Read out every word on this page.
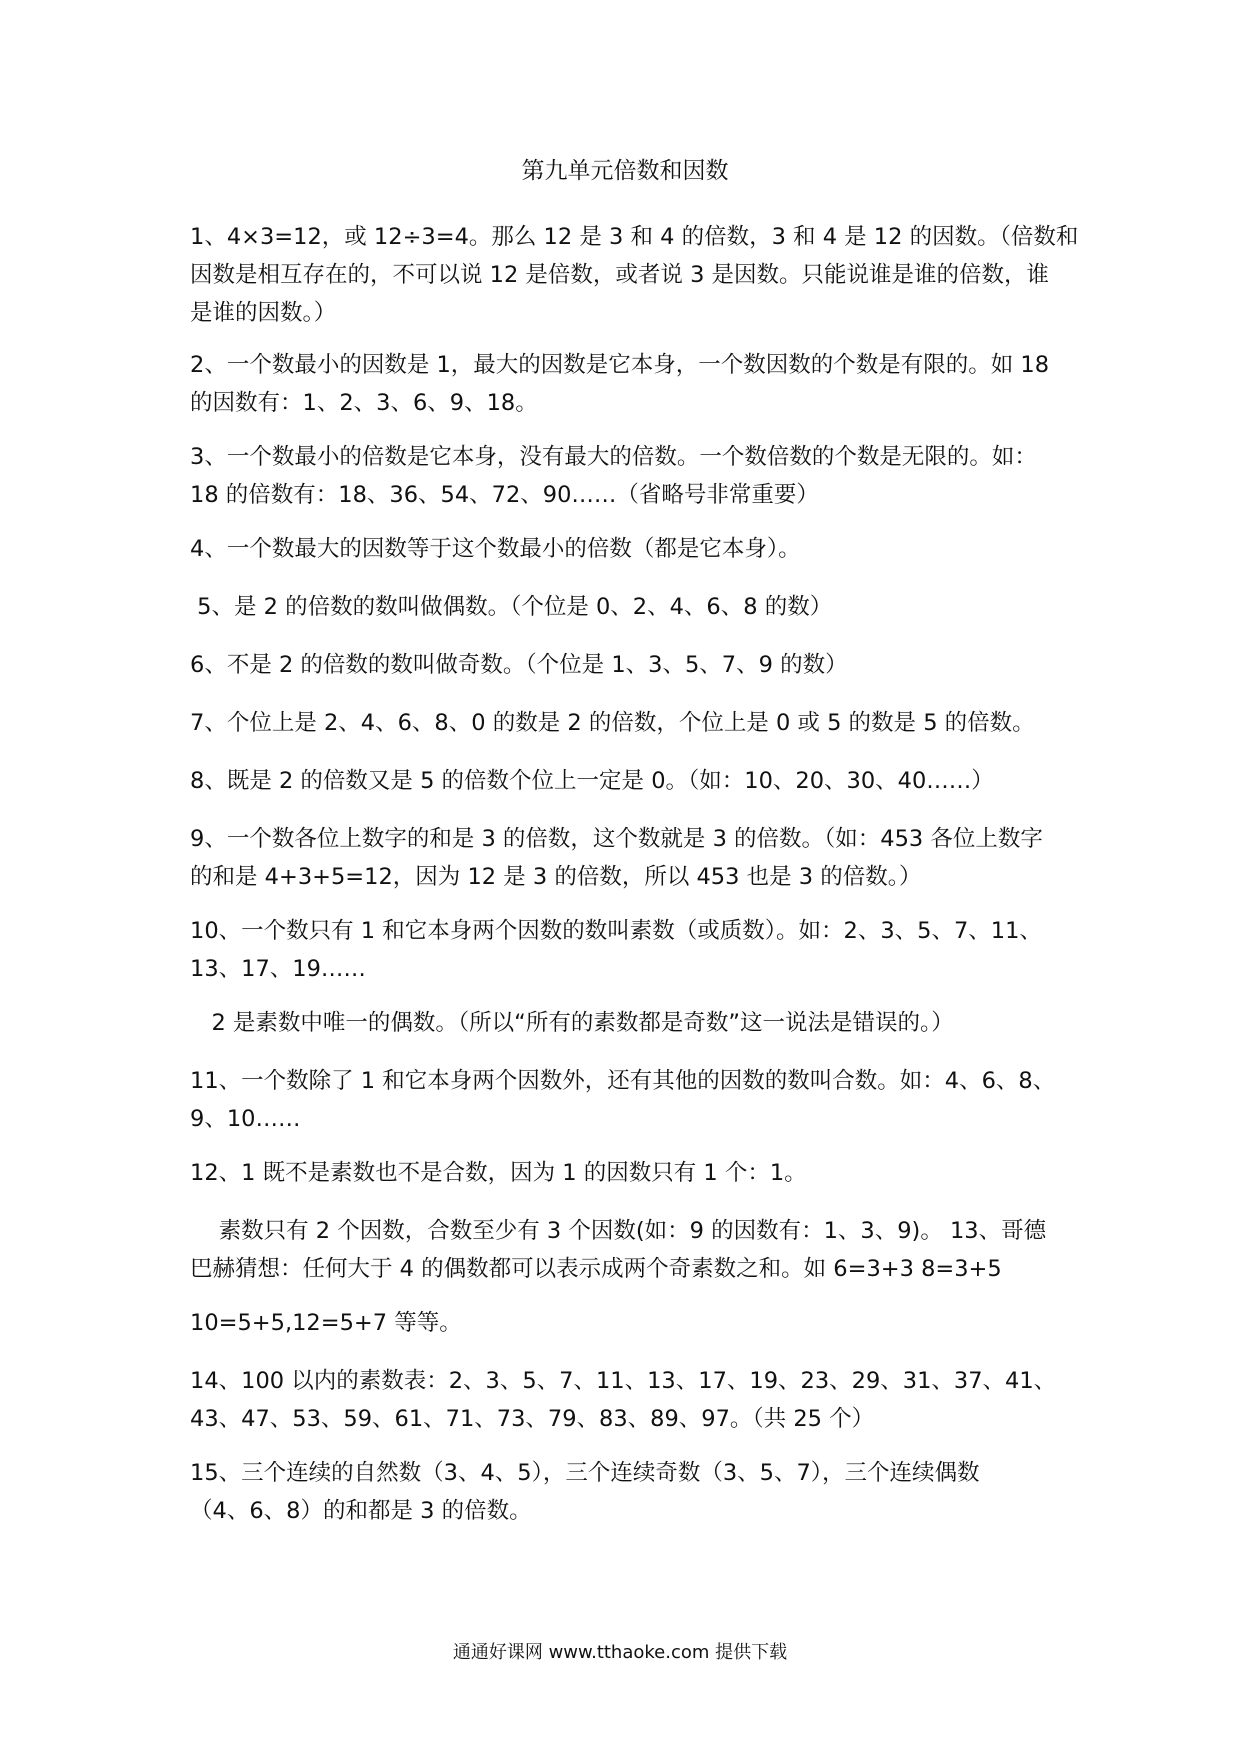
第九单元倍数和因数
1、4×3=12，或 12÷3=4。那么 12 是 3 和 4 的倍数，3 和 4 是 12 的因数。（倍数和
因数是相互存在的，不可以说 12 是倍数，或者说 3 是因数。只能说谁是谁的倍数，谁
是谁的因数。）
2、一个数最小的因数是 1，最大的因数是它本身，一个数因数的个数是有限的。如 18
的因数有：1、2、3、6、9、18。
3、一个数最小的倍数是它本身，没有最大的倍数。一个数倍数的个数是无限的。如：
18 的倍数有：18、36、54、72、90……（省略号非常重要）
4、一个数最大的因数等于这个数最小的倍数（都是它本身）。
5、是 2 的倍数的数叫做偶数。（个位是 0、2、4、6、8 的数）
6、不是 2 的倍数的数叫做奇数。（个位是 1、3、5、7、9 的数）
7、个位上是 2、4、6、8、0 的数是 2 的倍数，个位上是 0 或 5 的数是 5 的倍数。
8、既是 2 的倍数又是 5 的倍数个位上一定是 0。（如：10、20、30、40……）
9、一个数各位上数字的和是 3 的倍数，这个数就是 3 的倍数。（如：453 各位上数字
的和是 4+3+5=12，因为 12 是 3 的倍数，所以 453 也是 3 的倍数。）
10、一个数只有 1 和它本身两个因数的数叫素数（或质数）。如：2、3、5、7、11、
13、17、19……
2 是素数中唯一的偶数。（所以“所有的素数都是奇数”这一说法是错误的。）
11、一个数除了 1 和它本身两个因数外，还有其他的因数的数叫合数。如：4、6、8、
9、10……
12、1 既不是素数也不是合数，因为 1 的因数只有 1 个：1。
素数只有 2 个因数，合数至少有 3 个因数(如：9 的因数有：1、3、9)。 13、哥德
巴赫猜想：任何大于 4 的偶数都可以表示成两个奇素数之和。如 6=3+3 8=3+5
10=5+5,12=5+7 等等。
14、100 以内的素数表：2、3、5、7、11、13、17、19、23、29、31、37、41、
43、47、53、59、61、71、73、79、83、89、97。（共 25 个）
15、三个连续的自然数（3、4、5），三个连续奇数（3、5、7），三个连续偶数
（4、6、8）的和都是 3 的倍数。
通通好课网 www.tthaoke.com 提供下载
